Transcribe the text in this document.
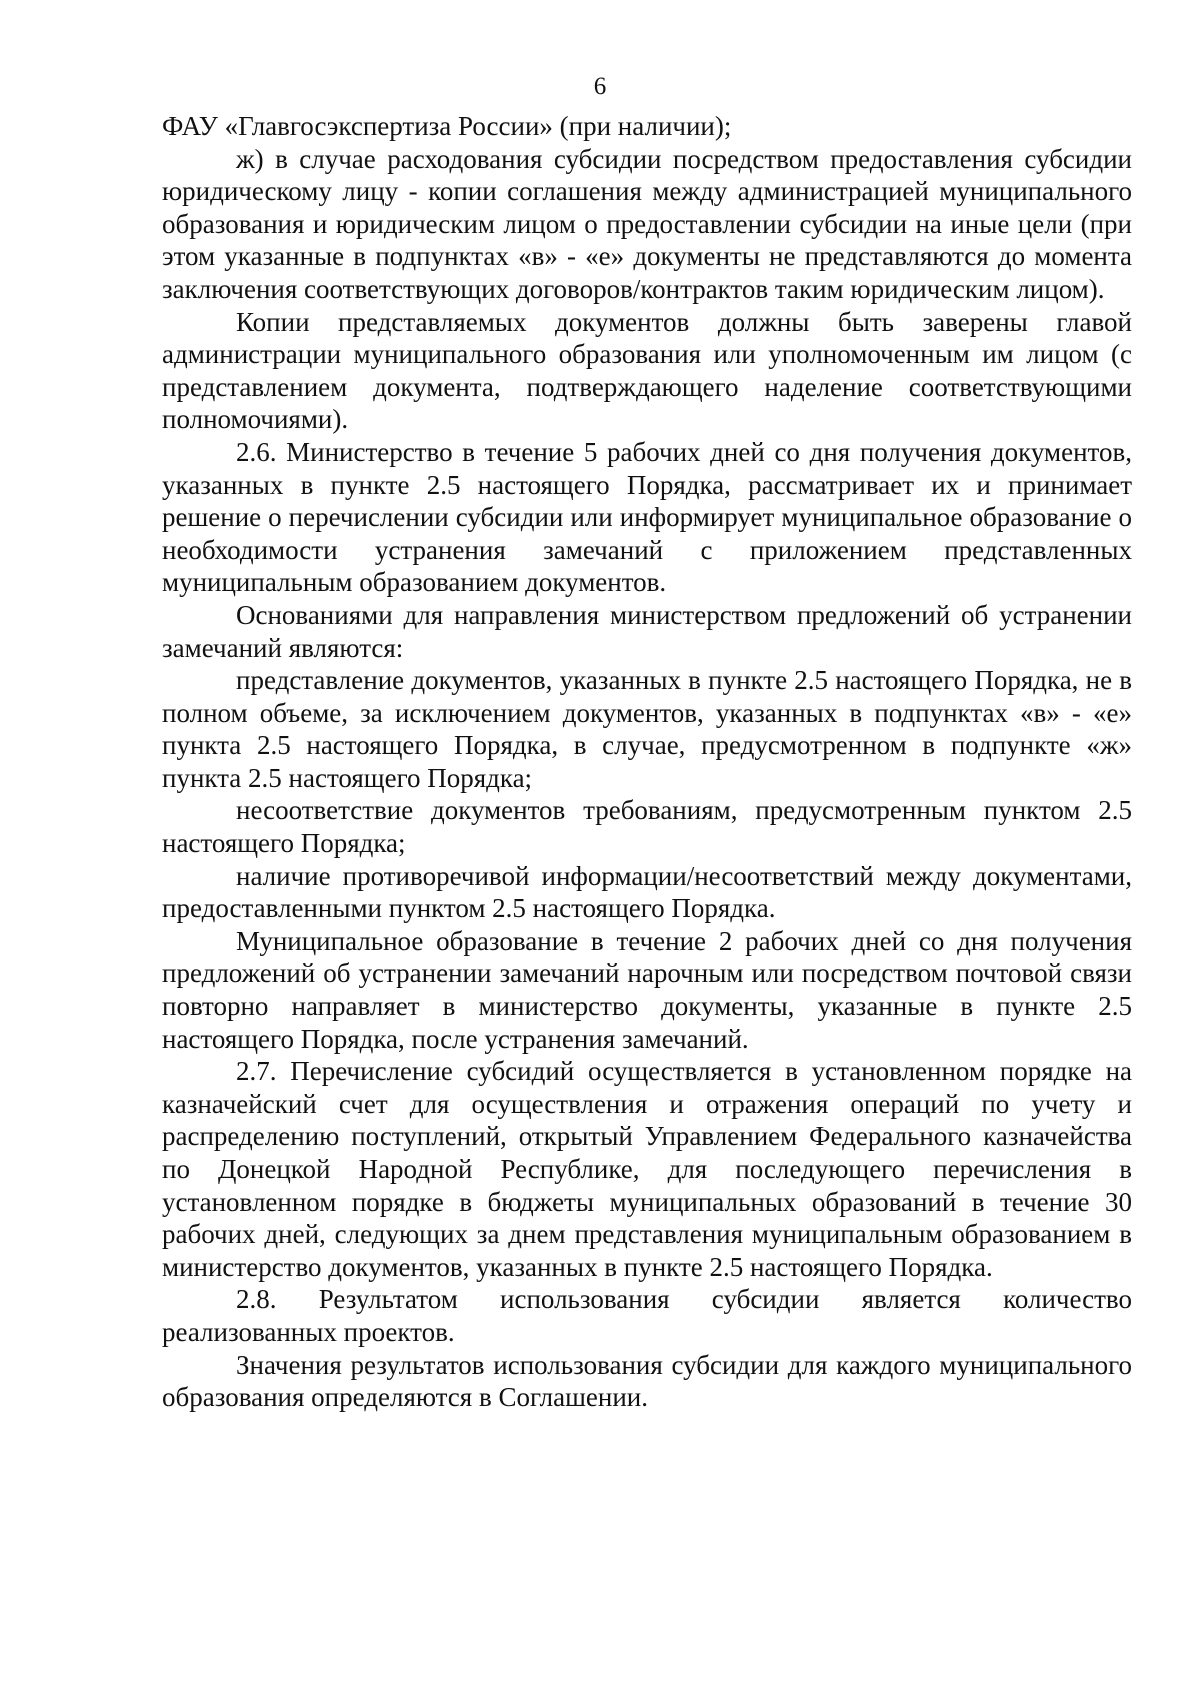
6

ФАУ «Главгосэкспертиза России» (при наличии);

ж) в случае расходования субсидии посредством предоставления субсидии юридическому лицу - копии соглашения между администрацией муниципального образования и юридическим лицом о предоставлении субсидии на иные цели (при этом указанные в подпунктах «в» - «е» документы не представляются до момента заключения соответствующих договоров/контрактов таким юридическим лицом).

Копии представляемых документов должны быть заверены главой администрации муниципального образования или уполномоченным им лицом (с представлением документа, подтверждающего наделение соответствующими полномочиями).

2.6. Министерство в течение 5 рабочих дней со дня получения документов, указанных в пункте 2.5 настоящего Порядка, рассматривает их и принимает решение о перечислении субсидии или информирует муниципальное образование о необходимости устранения замечаний с приложением представленных муниципальным образованием документов.

Основаниями для направления министерством предложений об устранении замечаний являются:

представление документов, указанных в пункте 2.5 настоящего Порядка, не в полном объеме, за исключением документов, указанных в подпунктах «в» - «е» пункта 2.5 настоящего Порядка, в случае, предусмотренном в подпункте «ж» пункта 2.5 настоящего Порядка;

несоответствие документов требованиям, предусмотренным пунктом 2.5 настоящего Порядка;

наличие противоречивой информации/несоответствий между документами, предоставленными пунктом 2.5 настоящего Порядка.

Муниципальное образование в течение 2 рабочих дней со дня получения предложений об устранении замечаний нарочным или посредством почтовой связи повторно направляет в министерство документы, указанные в пункте 2.5 настоящего Порядка, после устранения замечаний.

2.7. Перечисление субсидий осуществляется в установленном порядке на казначейский счет для осуществления и отражения операций по учету и распределению поступлений, открытый Управлением Федерального казначейства по Донецкой Народной Республике, для последующего перечисления в установленном порядке в бюджеты муниципальных образований в течение 30 рабочих дней, следующих за днем представления муниципальным образованием в министерство документов, указанных в пункте 2.5 настоящего Порядка.

2.8. Результатом использования субсидии является количество реализованных проектов.

Значения результатов использования субсидии для каждого муниципального образования определяются в Соглашении.
